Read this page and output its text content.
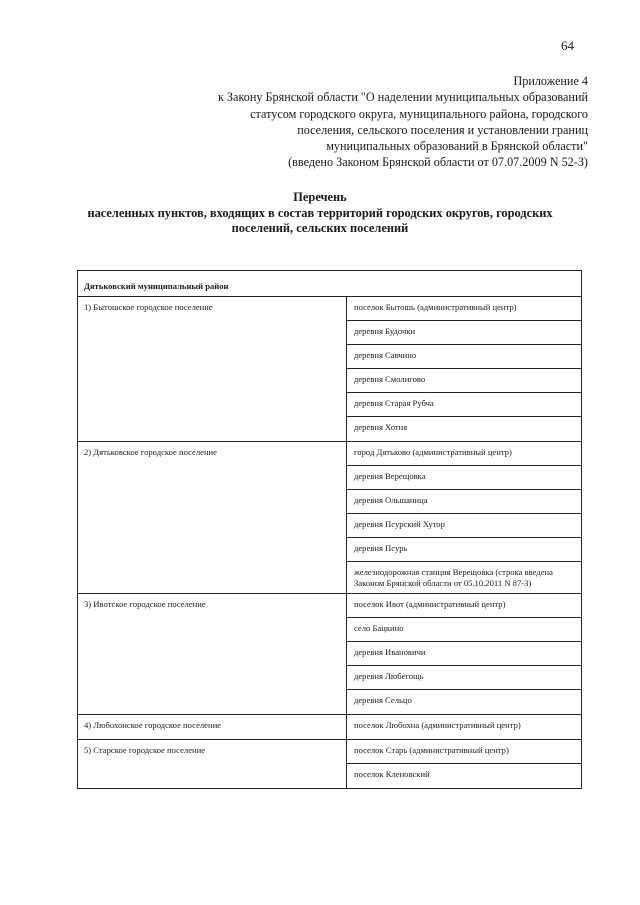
64
Приложение 4
к Закону Брянской области "О наделении муниципальных образований
статусом городского округа, муниципального района, городского
поселения, сельского поселения и установлении границ
муниципальных образований в Брянской области"
(введено Законом Брянской области от 07.07.2009 N 52-З)
Перечень
населенных пунктов, входящих в состав территорий городских округов, городских
поселений, сельских поселений
Дятьковский муниципальный район
1) Бытошское городское поселение	поселок Бытошь (административный центр)
деревня Будочки
деревня Савчино
деревня Смолигово
деревня Старая Рубча
деревня Хотня
2) Дятьковское городское поселение	город Дятьково (административный центр)
деревня Верещовка
деревня Ольшаница
деревня Псурский Хутор
деревня Псурь
железнодорожная станция Верещовка (строка введена Законом Брянской области от 05.10.2011 N 87-З)
3) Ивотское городское поселение	поселок Ивот (административный центр)
село Бацкино
деревня Ивановичи
деревня Любегощь
деревня Сельцо
4) Любохонское городское поселение	поселок Любохна (административный центр)
5) Старское городское поселение	поселок Старь (административный центр)
поселок Кленовский
